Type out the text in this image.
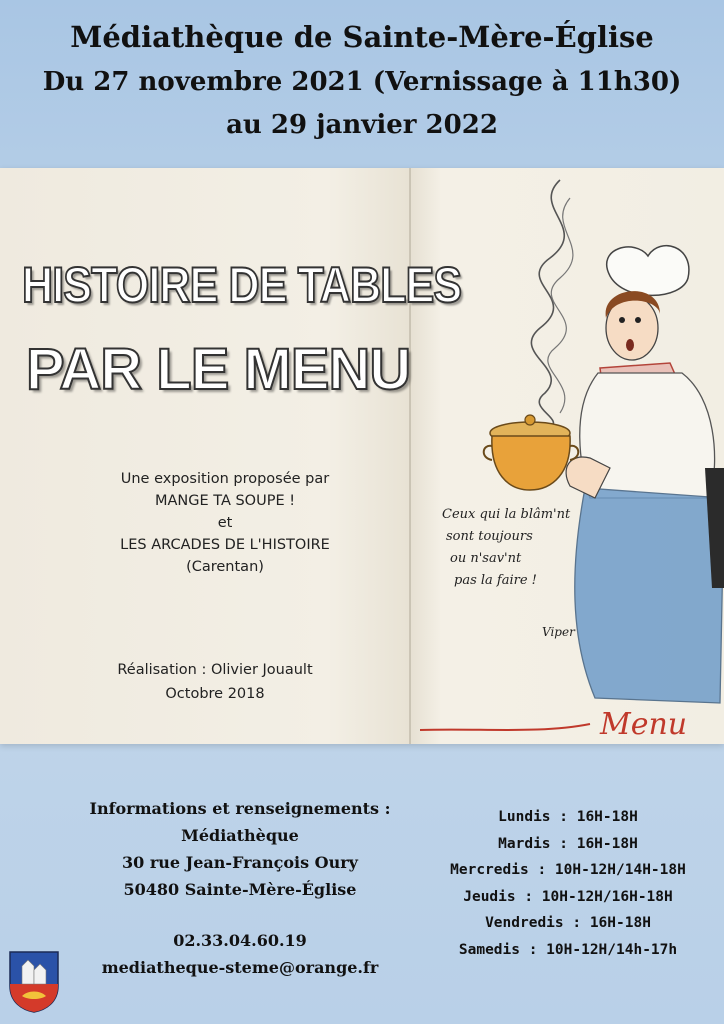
Médiathèque de Sainte-Mère-Église
Du 27 novembre 2021 (Vernissage à 11h30)
au 29 janvier 2022
HISTOIRE DE TABLES
PAR LE MENU
Une exposition proposée par
MANGE TA SOUPE !
et
LES ARCADES DE L'HISTOIRE
(Carentan)
Réalisation : Olivier Jouault
Octobre 2018
Ceux qui la blâm'nt
sont toujours
ou n'sav'nt
pas la faire !
Viper
Menu
Informations et renseignements :
Médiathèque
30 rue Jean-François Oury
50480 Sainte-Mère-Église
02.33.04.60.19
mediatheque-steme@orange.fr
Lundis : 16H-18H
Mardis : 16H-18H
Mercredis : 10H-12H/14H-18H
Jeudis : 10H-12H/16H-18H
Vendredis : 16H-18H
Samedis : 10H-12H/14h-17h
